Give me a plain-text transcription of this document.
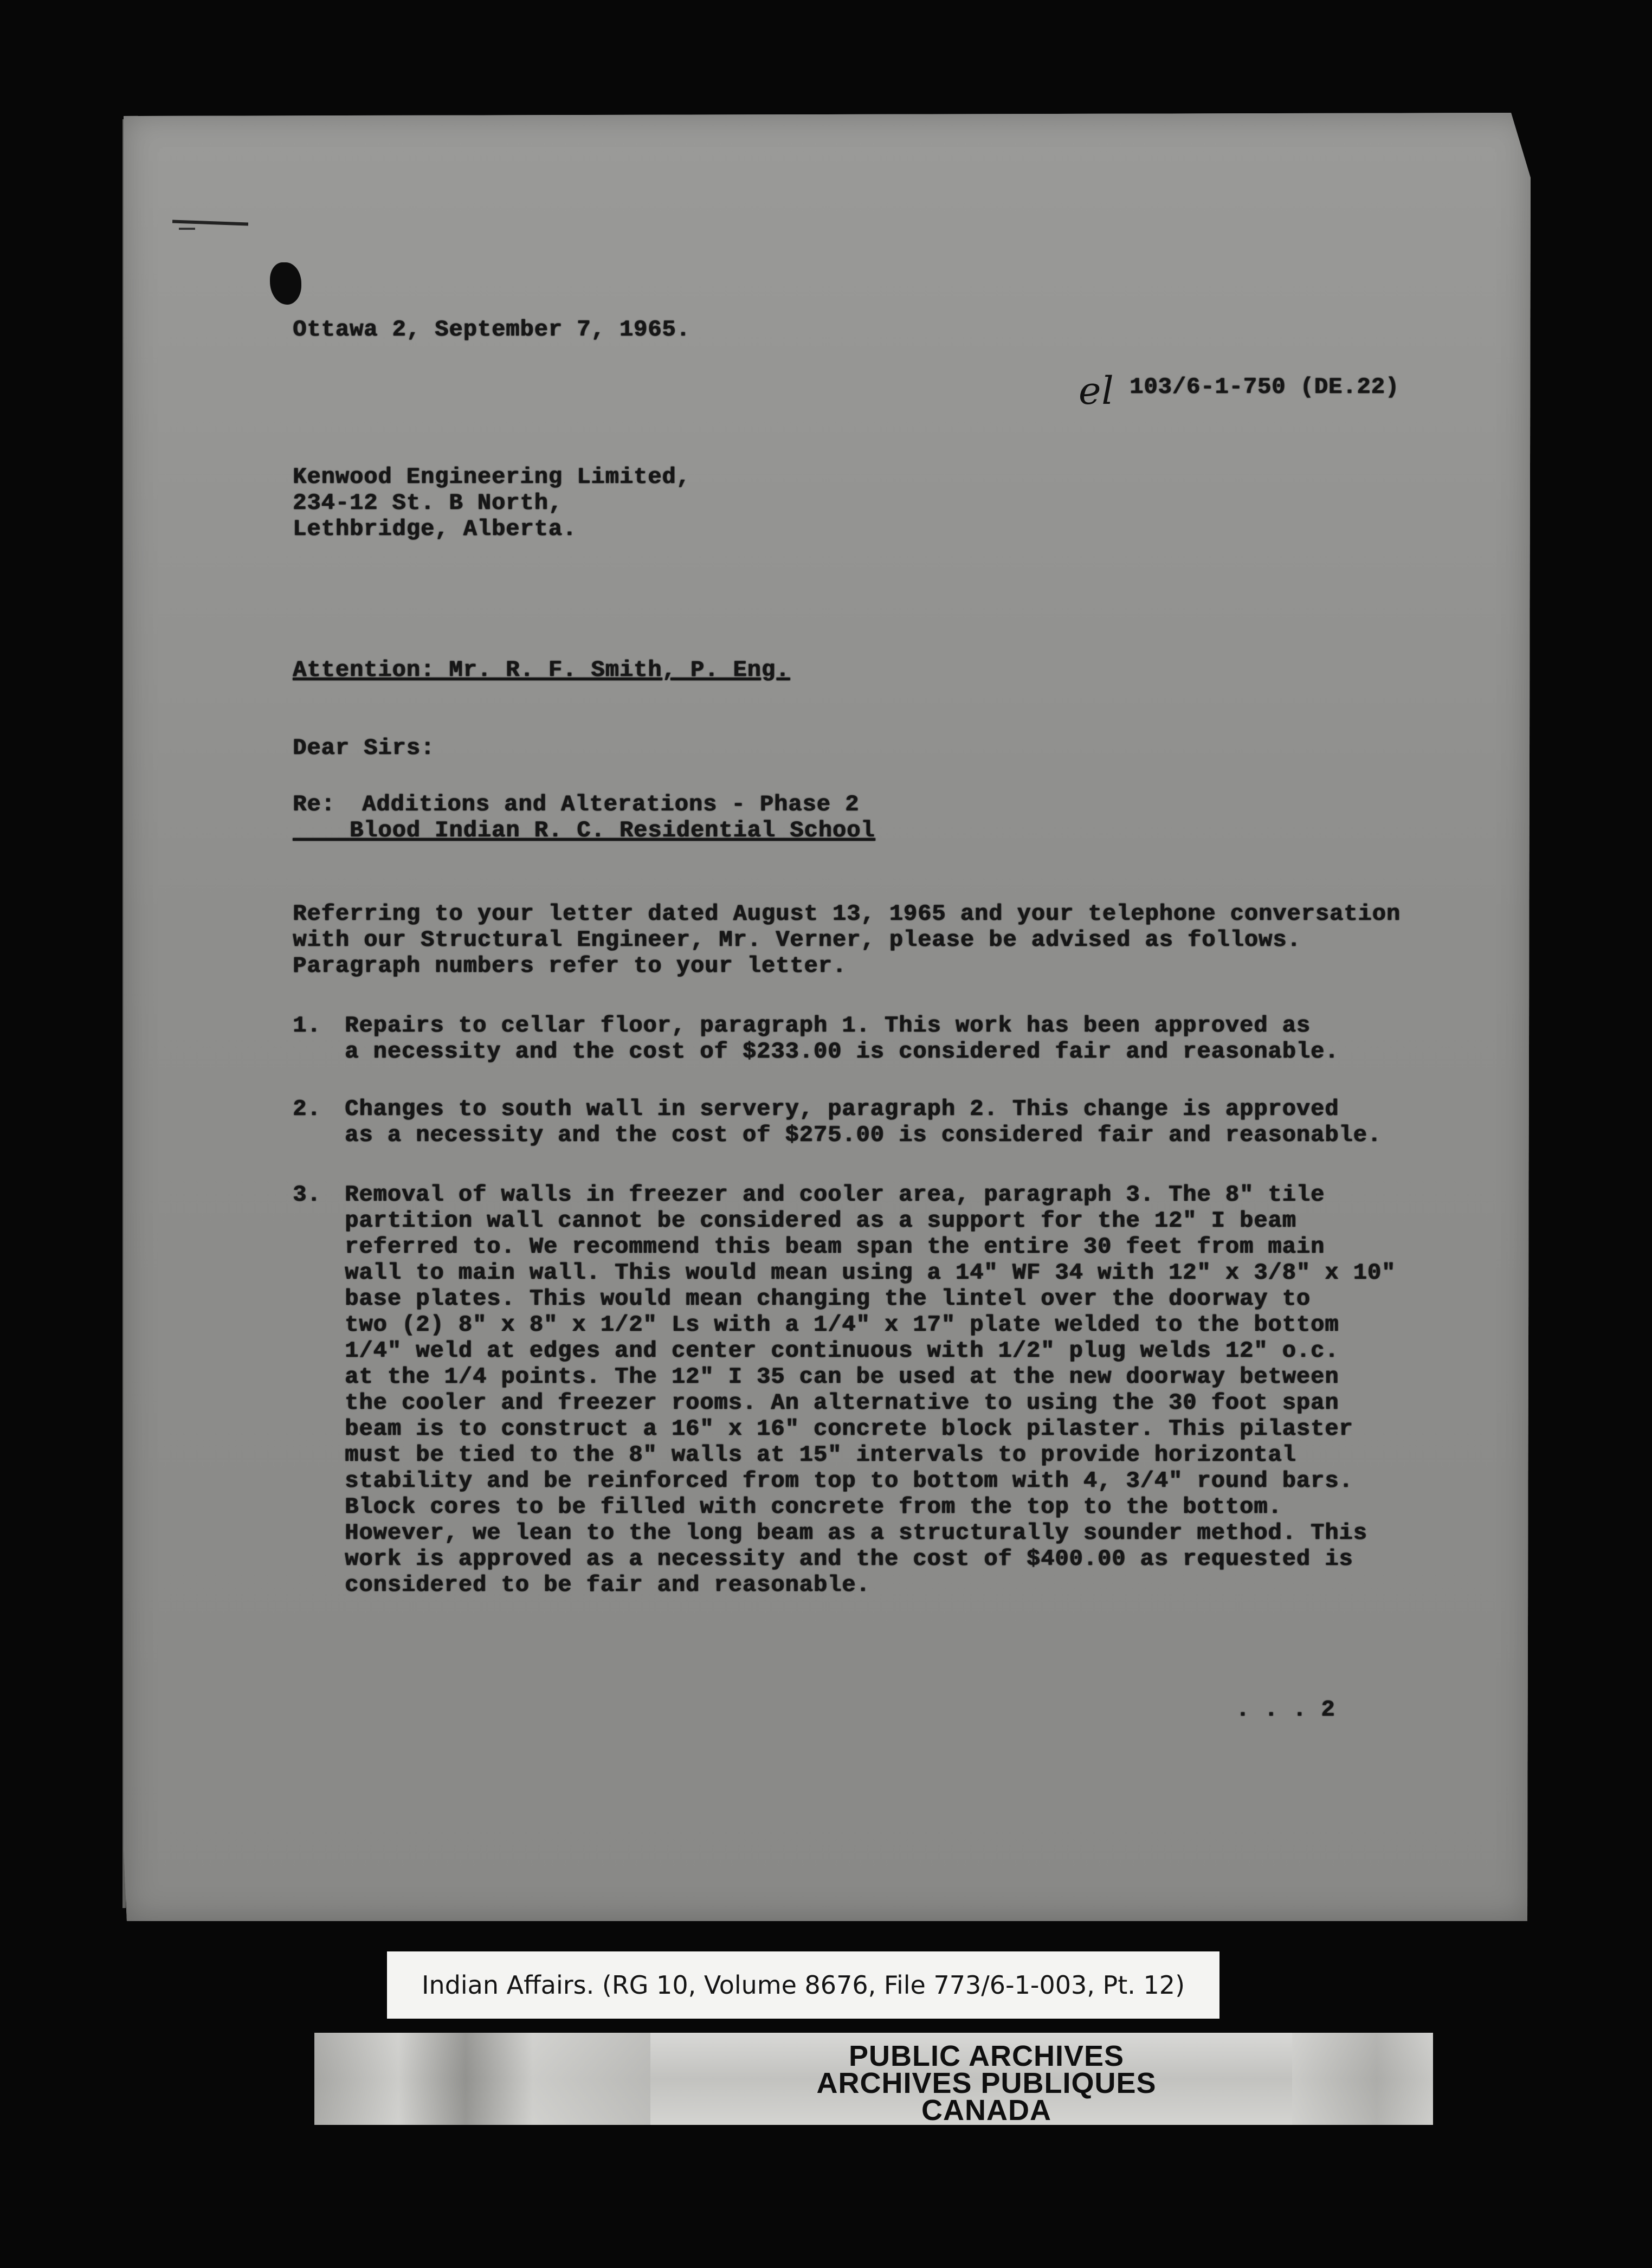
Ottawa 2, September 7, 1965.
el 103/6-1-750 (DE.22)
Kenwood Engineering Limited,
234-12 St. B North,
Lethbridge, Alberta.
Attention: Mr. R. F. Smith, P. Eng.
Dear Sirs:
Re: Additions and Alterations - Phase 2
Blood Indian R. C. Residential School
Referring to your letter dated August 13, 1965 and your telephone conversation
with our Structural Engineer, Mr. Verner, please be advised as follows.
Paragraph numbers refer to your letter.
1. Repairs to cellar floor, paragraph 1. This work has been approved as
a necessity and the cost of $233.00 is considered fair and reasonable.
2. Changes to south wall in servery, paragraph 2. This change is approved
as a necessity and the cost of $275.00 is considered fair and reasonable.
3. Removal of walls in freezer and cooler area, paragraph 3. The 8" tile
partition wall cannot be considered as a support for the 12" I beam
referred to. We recommend this beam span the entire 30 feet from main
wall to main wall. This would mean using a 14" WF 34 with 12" x 3/8" x 10"
base plates. This would mean changing the lintel over the doorway to
two (2) 8" x 8" x 1/2" Ls with a 1/4" x 17" plate welded to the bottom
1/4" weld at edges and center continuous with 1/2" plug welds 12" o.c.
at the 1/4 points. The 12" I 35 can be used at the new doorway between
the cooler and freezer rooms. An alternative to using the 30 foot span
beam is to construct a 16" x 16" concrete block pilaster. This pilaster
must be tied to the 8" walls at 15" intervals to provide horizontal
stability and be reinforced from top to bottom with 4, 3/4" round bars.
Block cores to be filled with concrete from the top to the bottom.
However, we lean to the long beam as a structurally sounder method. This
work is approved as a necessity and the cost of $400.00 as requested is
considered to be fair and reasonable.
. . . 2
Indian Affairs. (RG 10, Volume 8676, File 773/6-1-003, Pt. 12)
PUBLIC ARCHIVES
ARCHIVES PUBLIQUES
CANADA
